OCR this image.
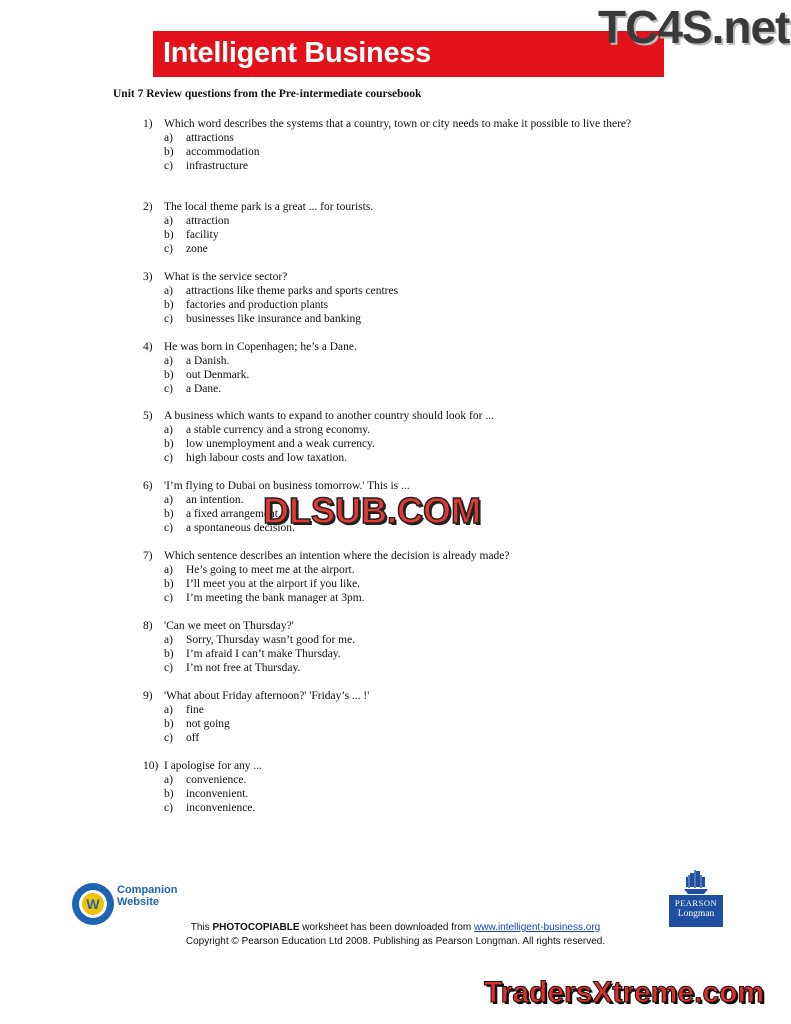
Intelligent Business	TC4S.net
Unit 7 Review questions from the Pre-intermediate coursebook
1) Which word describes the systems that a country, town or city needs to make it possible to live there?
a)	attractions
b)	accommodation
c)	infrastructure
2) The local theme park is a great ... for tourists.
a)	attraction
b)	facility
c)	zone
3) What is the service sector?
a)	attractions like theme parks and sports centres
b)	factories and production plants
c)	businesses like insurance and banking
4) He was born in Copenhagen; he’s a Dane.
a)	a Danish.
b)	out Denmark.
c)	a Dane.
5) A business which wants to expand to another country should look for ...
a)	a stable currency and a strong economy.
b)	low unemployment and a weak currency.
c)	high labour costs and low taxation.
6) 'I’m flying to Dubai on business tomorrow.' This is ...
a)	an intention.
b)	a fixed arrangement.
c)	a spontaneous decision.
7) Which sentence describes an intention where the decision is already made?
a)	He’s going to meet me at the airport.
b)	I’ll meet you at the airport if you like.
c)	I’m meeting the bank manager at 3pm.
8) 'Can we meet on Thursday?'
a)	Sorry, Thursday wasn’t good for me.
b)	I’m afraid I can’t make Thursday.
c)	I’m not free at Thursday.
9) 'What about Friday afternoon?' 'Friday’s ... !'
a)	fine
b)	not going
c)	off
10) I apologise for any ...
a)	convenience.
b)	inconvenient.
c)	inconvenience.
DLSUB.COM
W
Companion
Website
This PHOTOCOPIABLE worksheet has been downloaded from www.intelligent-business.org
Copyright © Pearson Education Ltd 2008. Publishing as Pearson Longman. All rights reserved.
PEARSON
Longman
TradersXtreme.com
